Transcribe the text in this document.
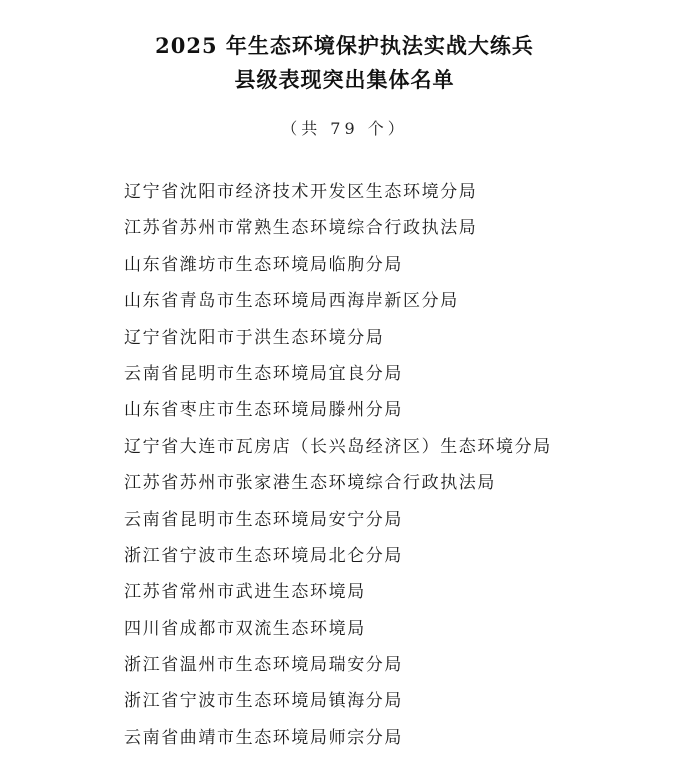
2025 年生态环境保护执法实战大练兵
县级表现突出集体名单
（共 79 个）
辽宁省沈阳市经济技术开发区生态环境分局
江苏省苏州市常熟生态环境综合行政执法局
山东省潍坊市生态环境局临朐分局
山东省青岛市生态环境局西海岸新区分局
辽宁省沈阳市于洪生态环境分局
云南省昆明市生态环境局宜良分局
山东省枣庄市生态环境局滕州分局
辽宁省大连市瓦房店（长兴岛经济区）生态环境分局
江苏省苏州市张家港生态环境综合行政执法局
云南省昆明市生态环境局安宁分局
浙江省宁波市生态环境局北仑分局
江苏省常州市武进生态环境局
四川省成都市双流生态环境局
浙江省温州市生态环境局瑞安分局
浙江省宁波市生态环境局镇海分局
云南省曲靖市生态环境局师宗分局
